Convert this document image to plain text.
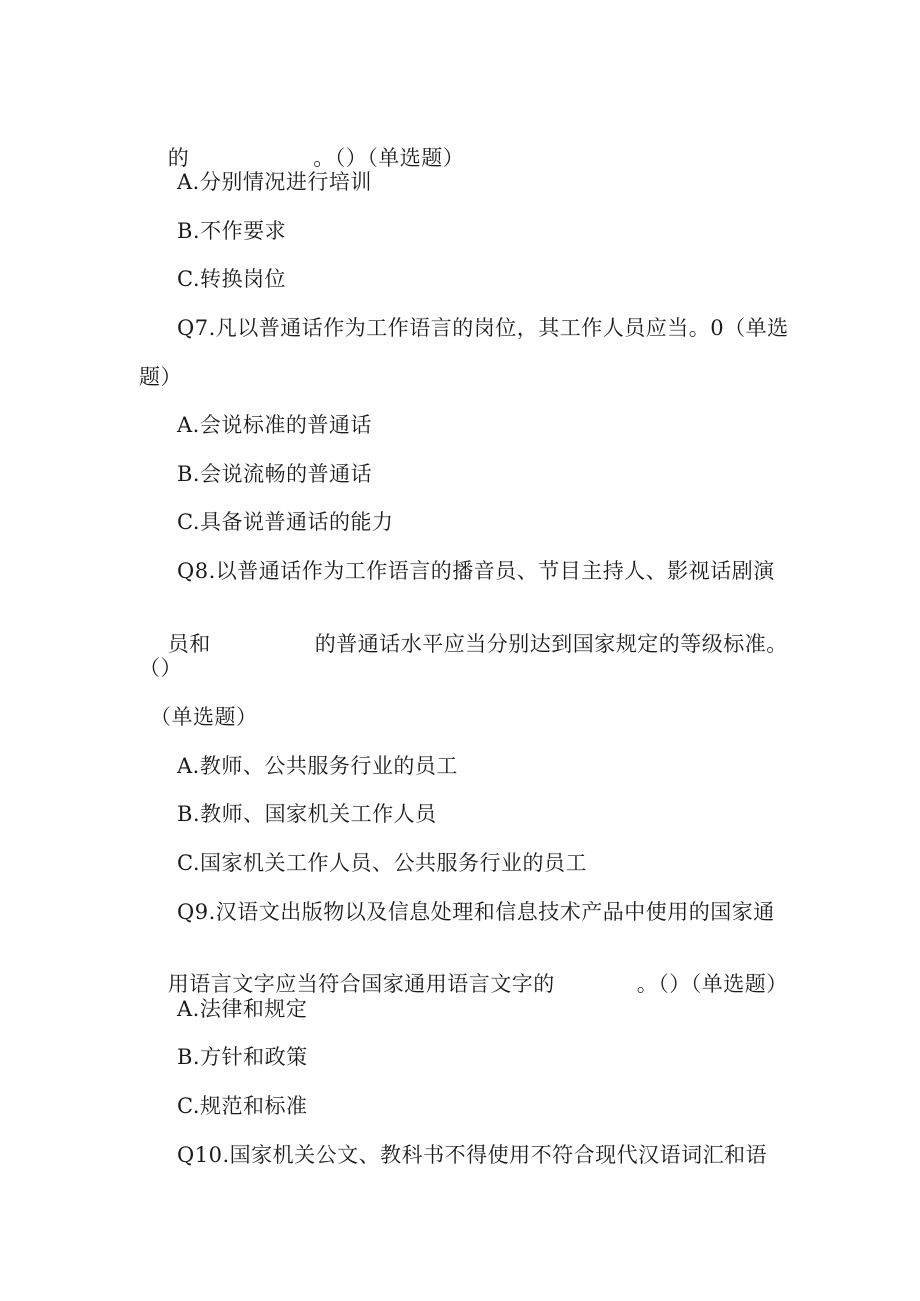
的	。（）（单选题）

A.分别情况进行培训
B.不作要求
C.转换岗位
Q7.凡以普通话作为工作语言的岗位，其工作人员应当。0（单选
题）
A.会说标准的普通话
B.会说流畅的普通话
C.具备说普通话的能力
Q8.以普通话作为工作语言的播音员、节目主持人、影视话剧演

员和	的普通话水平应当分别达到国家规定的等级标准。

（）
（单选题）
A.教师、公共服务行业的员工
B.教师、国家机关工作人员
C.国家机关工作人员、公共服务行业的员工
Q9.汉语文出版物以及信息处理和信息技术产品中使用的国家通

用语言文字应当符合国家通用语言文字的	。（）（单选题）

A.法律和规定
B.方针和政策
C.规范和标准
Q10.国家机关公文、教科书不得使用不符合现代汉语词汇和语
